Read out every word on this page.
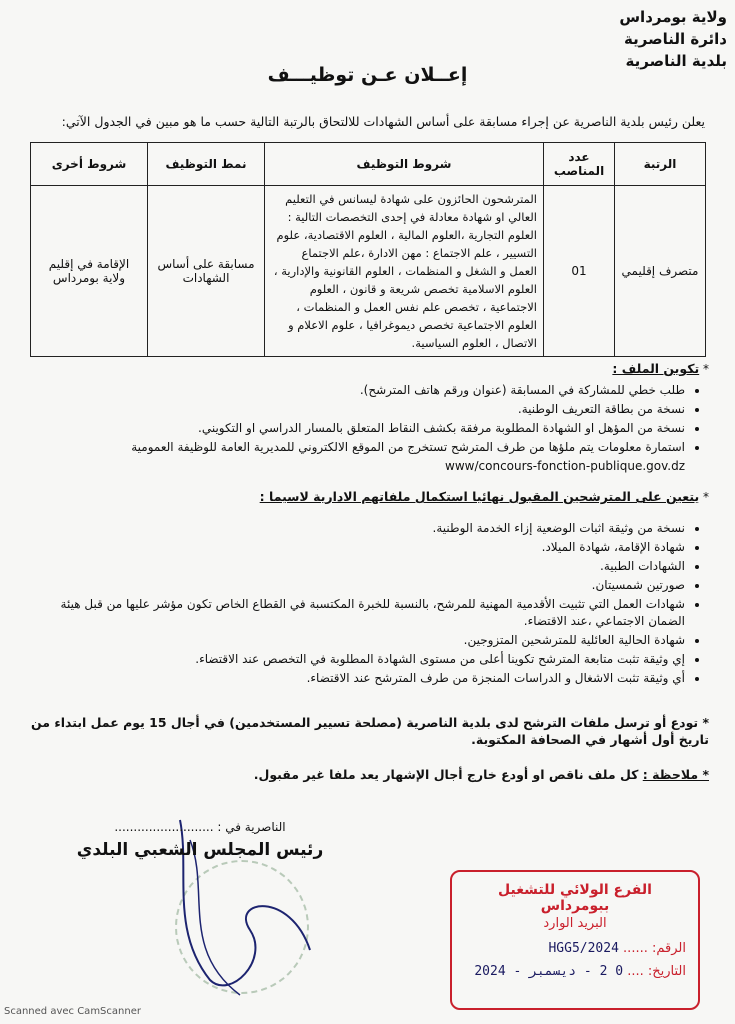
ولاية بومرداس
دائرة الناصرية
بلدية الناصرية
إعــلان عـن توظيـــف
يعلن رئيس بلدية الناصرية عن إجراء مسابقة على أساس الشهادات للالتحاق بالرتبة التالية حسب ما هو مبين في الجدول الآتي:
الرتبة	عدد المناصب	شروط التوظيف	نمط التوظيف	شروط أخرى
متصرف إقليمي	01	المترشحون الحائزون على شهادة ليسانس في التعليم العالي او شهادة معادلة في إحدى التخصصات التالية : العلوم التجارية ،العلوم المالية ، العلوم الاقتصادية، علوم التسيير ، علم الاجتماع : مهن الادارة ،علم الاجتماع العمل و الشغل و المنظمات ، العلوم القانونية والإدارية ، العلوم الاسلامية تخصص شريعة و قانون ، العلوم الاجتماعية ، تخصص علم نفس العمل و المنظمات ، العلوم الاجتماعية تخصص ديموغرافيا ، علوم الاعلام و الاتصال ، العلوم السياسية.	مسابقة على أساس الشهادات	الإقامة في إقليم ولاية بومرداس
* تكوين الملف :
• طلب خطي للمشاركة في المسابقة (عنوان ورقم هاتف المترشح).
• نسخة من بطاقة التعريف الوطنية.
• نسخة من المؤهل او الشهادة المطلوبة مرفقة بكشف النقاط المتعلق بالمسار الدراسي او التكويني.
• استمارة معلومات يتم ملؤها من طرف المترشح تستخرج من الموقع الالكتروني للمديرية العامة للوظيفة العمومية
www/concours-fonction-publique.gov.dz
* يتعين على المترشحين المقبول نهائيا استكمال ملفاتهم الادارية لاسيما :
• نسخة من وثيقة اثبات الوضعية إزاء الخدمة الوطنية.
• شهادة الإقامة، شهادة الميلاد.
• الشهادات الطبية.
• صورتين شمسيتان.
• شهادات العمل التي تثبيت الأقدمية المهنية للمرشح، بالنسبة للخبرة المكتسبة في القطاع الخاص تكون مؤشر عليها من قبل هيئة الضمان الاجتماعي ،عند الاقتضاء.
• شهادة الحالية العائلية للمترشحين المتزوجين.
• إي وثيقة تثبت متابعة المترشح تكوينا أعلى من مستوى الشهادة المطلوبة في التخصص عند الاقتضاء.
• أي وثيقة تثبت الاشغال و الدراسات المنجزة من طرف المترشح عند الاقتضاء.
* تودع أو ترسل ملفات الترشح لدى بلدية الناصرية (مصلحة تسيير المستخدمين) في أجال 15 يوم عمل ابتداء من تاريخ أول أشهار في الصحافة المكتوبة.
* ملاحظة : كل ملف ناقص او أودع خارج أجال الإشهار يعد ملفا غير مقبول.
الناصرية في : ..........................
رئيس المجلس الشعبي البلدي
الفرع الولائي للتشغيل ببومرداس
البريد الوارد
الرقم: ...... HGG5/2024
التاريخ: .... 0 2 - ديسمبر - 2024
Scanned avec CamScanner
